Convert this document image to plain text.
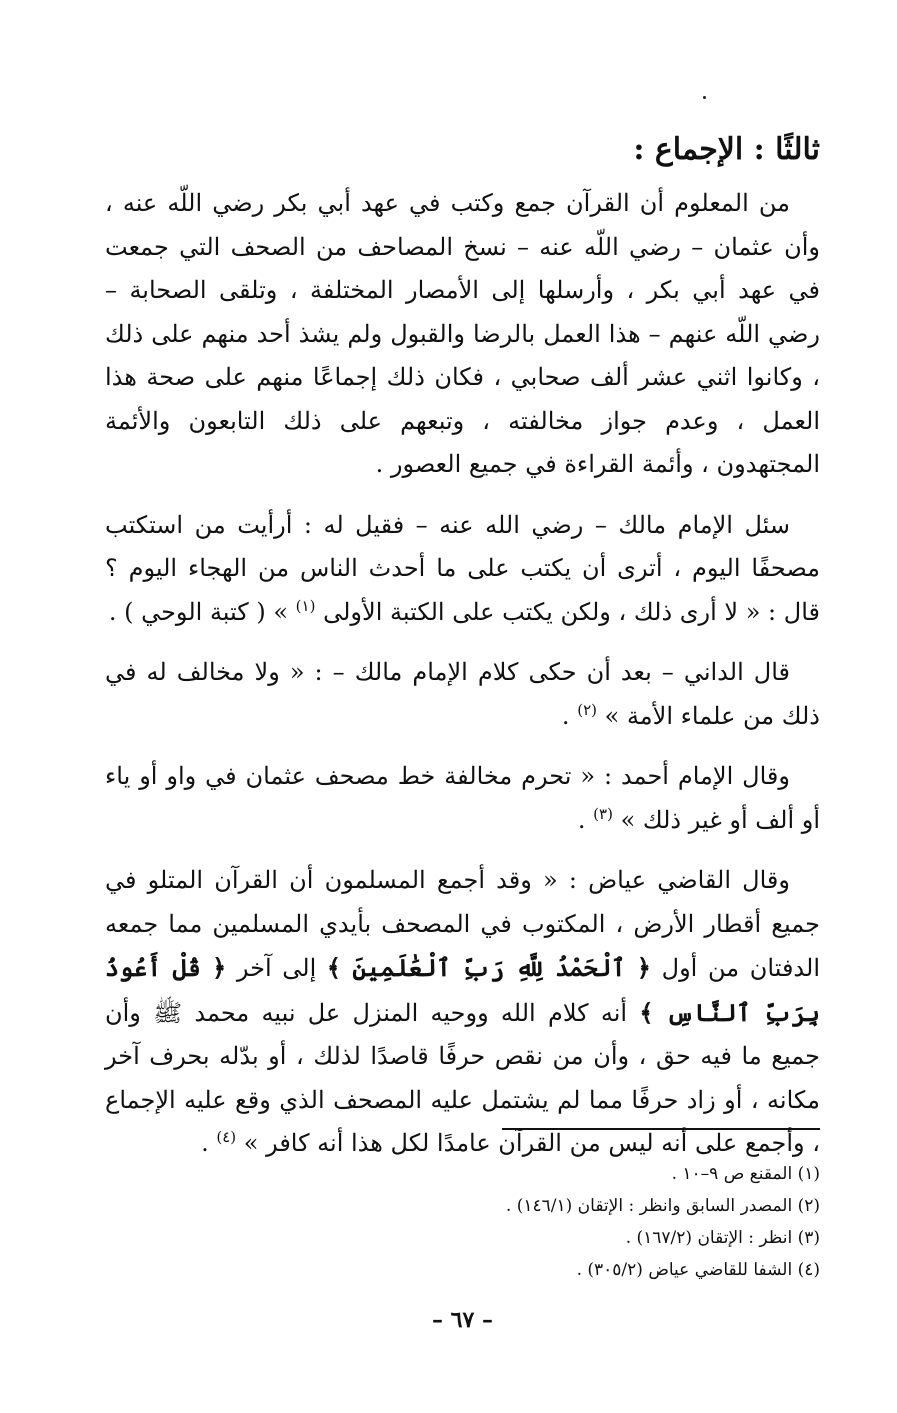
ثالثًا : الإجماع :

من المعلوم أن القرآن جمع وكتب في عهد أبي بكر رضي اللّه عنه ، وأن عثمان – رضي اللّه عنه – نسخ المصاحف من الصحف التي جمعت في عهد أبي بكر ، وأرسلها إلى الأمصار المختلفة ، وتلقى الصحابة – رضي اللّه عنهم – هذا العمل بالرضا والقبول ولم يشذ أحد منهم على ذلك ، وكانوا اثني عشر ألف صحابي ، فكان ذلك إجماعًا منهم على صحة هذا العمل ، وعدم جواز مخالفته ، وتبعهم على ذلك التابعون والأئمة المجتهدون ، وأئمة القراءة في جميع العصور .

سئل الإمام مالك – رضي الله عنه – فقيل له : أرأيت من استكتب مصحفًا اليوم ، أترى أن يكتب على ما أحدث الناس من الهجاء اليوم ؟ قال : « لا أرى ذلك ، ولكن يكتب على الكتبة الأولى $^{(١)}$ » ( كتبة الوحي ) .

قال الداني – بعد أن حكى كلام الإمام مالك – : « ولا مخالف له في ذلك من علماء الأمة » $^{(٢)}$ .

وقال الإمام أحمد : « تحرم مخالفة خط مصحف عثمان في واو أو ياء أو ألف أو غير ذلك » $^{(٣)}$ .

وقال القاضي عياض : « وقد أجمع المسلمون أن القرآن المتلو في جميع أقطار الأرض ، المكتوب في المصحف بأيدي المسلمين مما جمعه الدفتان من أول ﴿ ٱلْحَمْدُ لِلَّهِ رَبِّ ٱلْعَٰلَمِينَ ﴾ إلى آخر ﴿ قُلْ أَعُوذُ بِرَبِّ ٱلنَّاسِ ﴾ أنه كلام الله ووحيه المنزل عل نبيه محمد ﷺ وأن جميع ما فيه حق ، وأن من نقص حرفًا قاصدًا لذلك ، أو بدّله بحرف آخر مكانه ، أو زاد حرفًا مما لم يشتمل عليه المصحف الذي وقع عليه الإجماع ، وأجمع على أنه ليس من القرآن عامدًا لكل هذا أنه كافر » $^{(٤)}$ .

(١) المقنع ص ٩–١٠ .
(٢) المصدر السابق وانظر : الإتقان (١٤٦/١) .
(٣) انظر : الإتقان (١٦٧/٢) .
(٤) الشفا للقاضي عياض (٣٠٥/٢) .
– ٦٧ –
